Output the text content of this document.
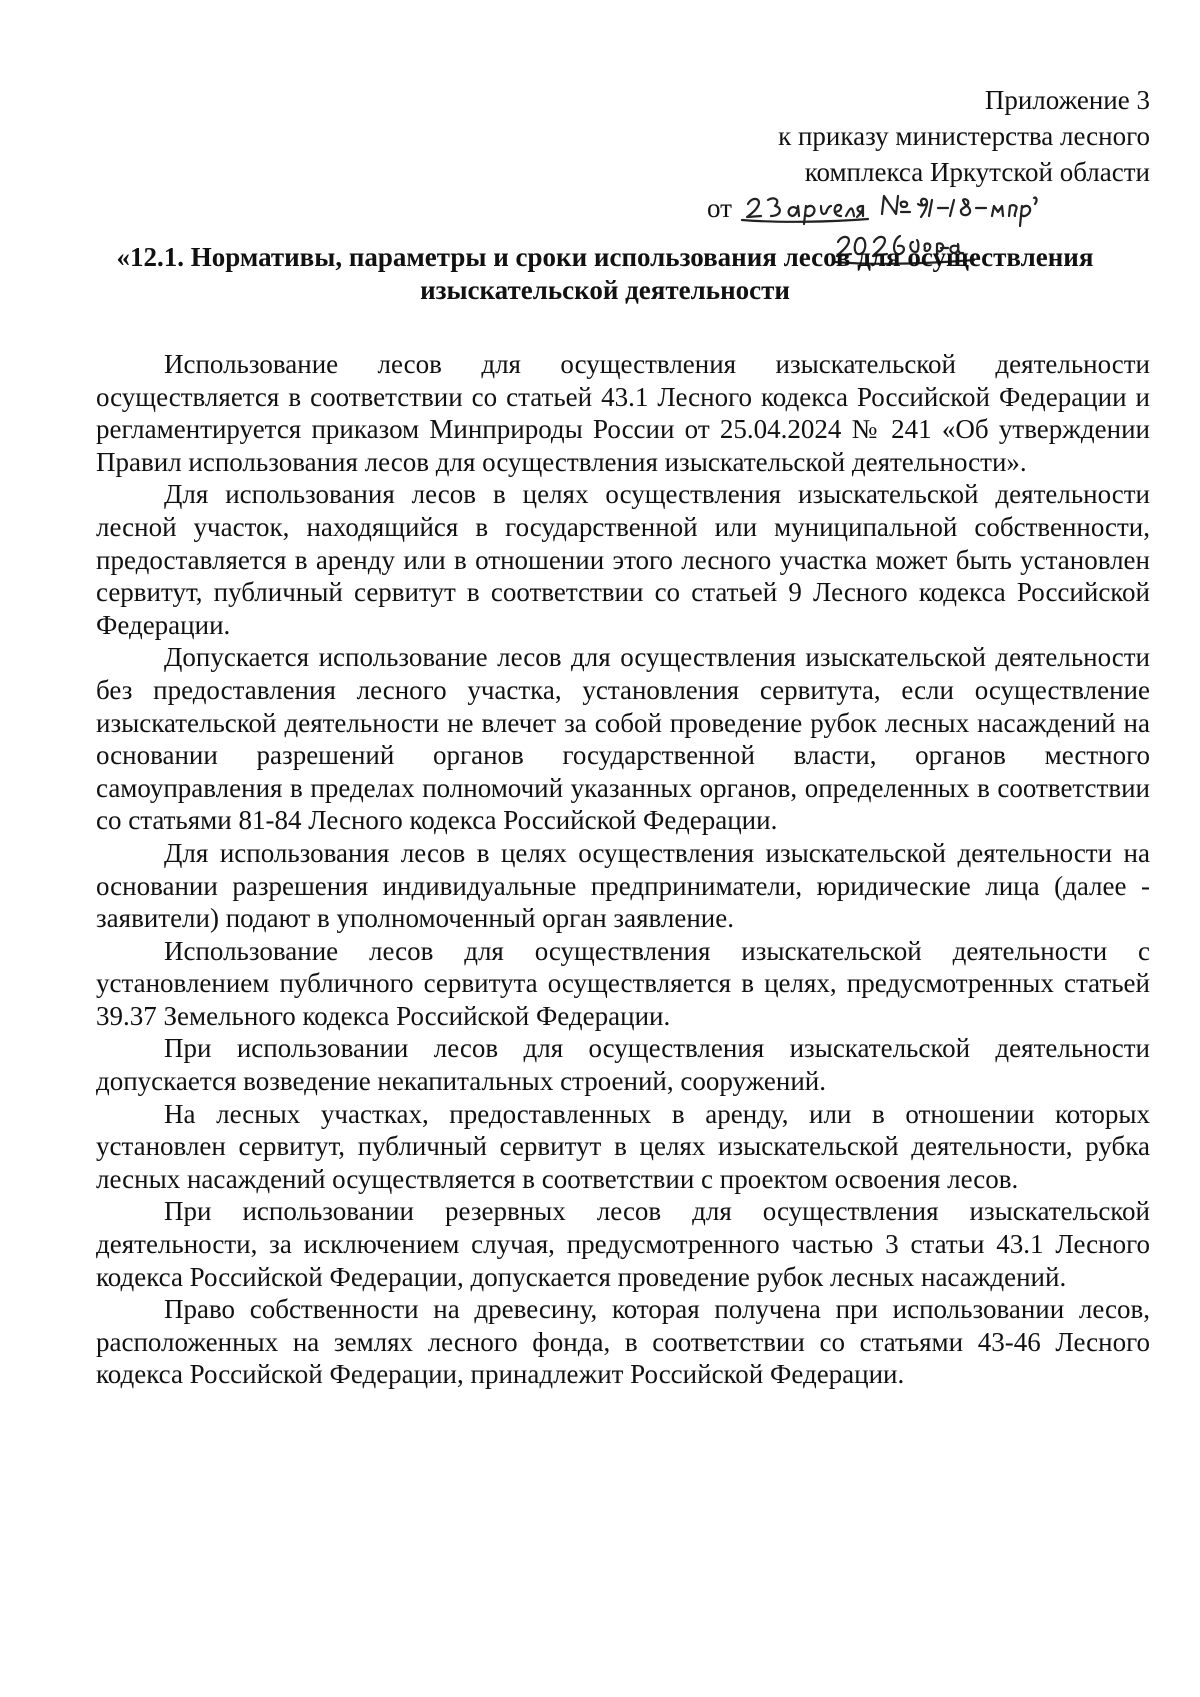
Приложение 3
к приказу министерства лесного
комплекса Иркутской области
от
«12.1. Нормативы, параметры и сроки использования лесов для осуществления
изыскательской деятельности

Использование лесов для осуществления изыскательской деятельности осуществляется в соответствии со статьей 43.1 Лесного кодекса Российской Федерации и регламентируется приказом Минприроды России от 25.04.2024 № 241 «Об утверждении Правил использования лесов для осуществления изыскательской деятельности».

Для использования лесов в целях осуществления изыскательской деятельности лесной участок, находящийся в государственной или муниципальной собственности, предоставляется в аренду или в отношении этого лесного участка может быть установлен сервитут, публичный сервитут в соответствии со статьей 9 Лесного кодекса Российской Федерации.

Допускается использование лесов для осуществления изыскательской деятельности без предоставления лесного участка, установления сервитута, если осуществление изыскательской деятельности не влечет за собой проведение рубок лесных насаждений на основании разрешений органов государственной власти, органов местного самоуправления в пределах полномочий указанных органов, определенных в соответствии со статьями 81-84 Лесного кодекса Российской Федерации.

Для использования лесов в целях осуществления изыскательской деятельности на основании разрешения индивидуальные предприниматели, юридические лица (далее - заявители) подают в уполномоченный орган заявление.

Использование лесов для осуществления изыскательской деятельности с установлением публичного сервитута осуществляется в целях, предусмотренных статьей 39.37 Земельного кодекса Российской Федерации.

При использовании лесов для осуществления изыскательской деятельности допускается возведение некапитальных строений, сооружений.

На лесных участках, предоставленных в аренду, или в отношении которых установлен сервитут, публичный сервитут в целях изыскательской деятельности, рубка лесных насаждений осуществляется в соответствии с проектом освоения лесов.

При использовании резервных лесов для осуществления изыскательской деятельности, за исключением случая, предусмотренного частью 3 статьи 43.1 Лесного кодекса Российской Федерации, допускается проведение рубок лесных насаждений.

Право собственности на древесину, которая получена при использовании лесов, расположенных на землях лесного фонда, в соответствии со статьями 43-46 Лесного кодекса Российской Федерации, принадлежит Российской Федерации.
